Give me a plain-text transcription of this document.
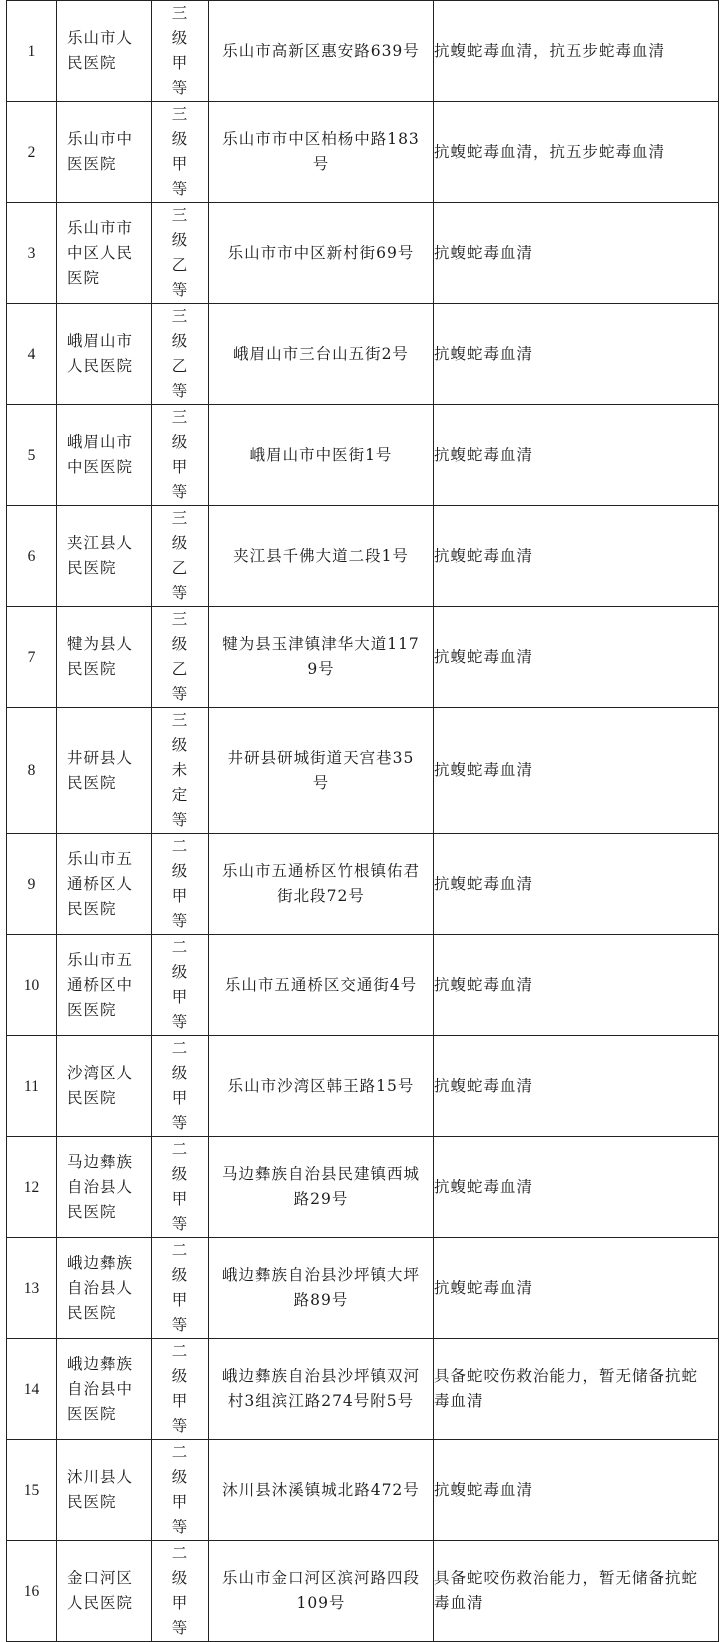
1	乐山市人民医院	三级甲等	乐山市高新区惠安路639号	抗蝮蛇毒血清，抗五步蛇毒血清

2	乐山市中医医院	三级甲等	乐山市市中区柏杨中路183号	抗蝮蛇毒血清，抗五步蛇毒血清

3	乐山市市中区人民医院	三级乙等	乐山市市中区新村街69号	抗蝮蛇毒血清

4	峨眉山市人民医院	三级乙等	峨眉山市三台山五街2号	抗蝮蛇毒血清

5	峨眉山市中医医院	三级甲等	峨眉山市中医街1号	抗蝮蛇毒血清

6	夹江县人民医院	三级乙等	夹江县千佛大道二段1号	抗蝮蛇毒血清

7	犍为县人民医院	三级乙等	犍为县玉津镇津华大道1179号	抗蝮蛇毒血清

8	井研县人民医院	三级未定等	井研县研城街道天宫巷35号	抗蝮蛇毒血清

9	乐山市五通桥区人民医院	二级甲等	乐山市五通桥区竹根镇佑君街北段72号	抗蝮蛇毒血清

10	乐山市五通桥区中医医院	二级甲等	乐山市五通桥区交通街4号	抗蝮蛇毒血清

11	沙湾区人民医院	二级甲等	乐山市沙湾区韩王路15号	抗蝮蛇毒血清

12	马边彝族自治县人民医院	二级甲等	马边彝族自治县民建镇西城路29号	抗蝮蛇毒血清

13	峨边彝族自治县人民医院	二级甲等	峨边彝族自治县沙坪镇大坪路89号	抗蝮蛇毒血清

14	峨边彝族自治县中医医院	二级甲等	峨边彝族自治县沙坪镇双河村3组滨江路274号附5号	具备蛇咬伤救治能力，暂无储备抗蛇毒血清

15	沐川县人民医院	二级甲等	沐川县沐溪镇城北路472号	抗蝮蛇毒血清

16	金口河区人民医院	二级甲等	乐山市金口河区滨河路四段109号	具备蛇咬伤救治能力，暂无储备抗蛇毒血清
